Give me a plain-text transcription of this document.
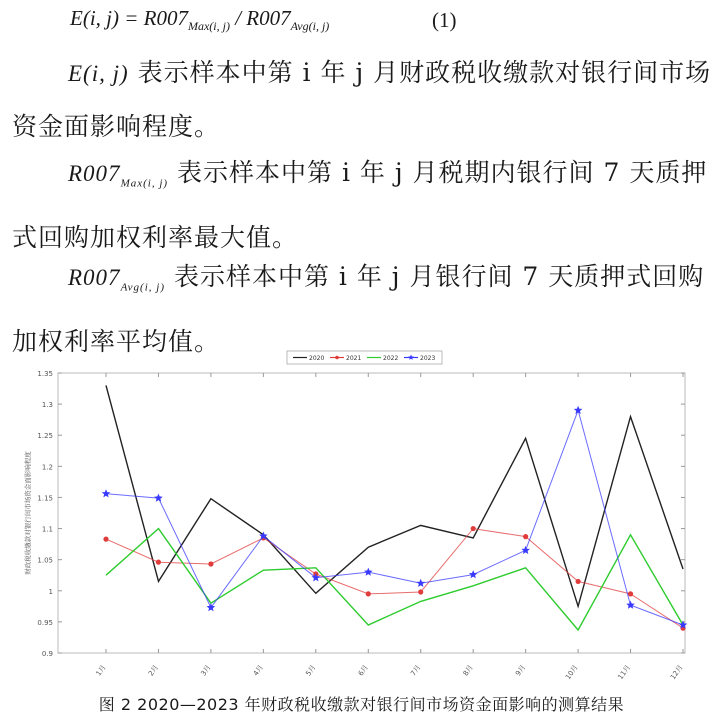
E(i, $j) = R007_{Max(i, j)} / R007_{Avg(i, j)}$	(1)
E(i, j) 表示样本中第 i 年 j 月财政税收缴款对银行间市场资金面影响程度。
$R007_{Max(i, j)}$ 表示样本中第 i 年 j 月税期内银行间 7 天质押式回购加权利率最大值。
$R007_{Avg(i, j)}$ 表示样本中第 i 年 j 月银行间 7 天质押式回购加权利率平均值。
0.9
0.95
1
1.05
1.1
1.15
1.2
1.25
1.3
1.35
1月	2月	3月	4月	5月	6月	7月	8月	9月	10月	11月	12月
财政税收缴款对银行间市场资金面影响程度
2020	2021	2022	2023
图 2 2020—2023 年财政税收缴款对银行间市场资金面影响的测算结果
